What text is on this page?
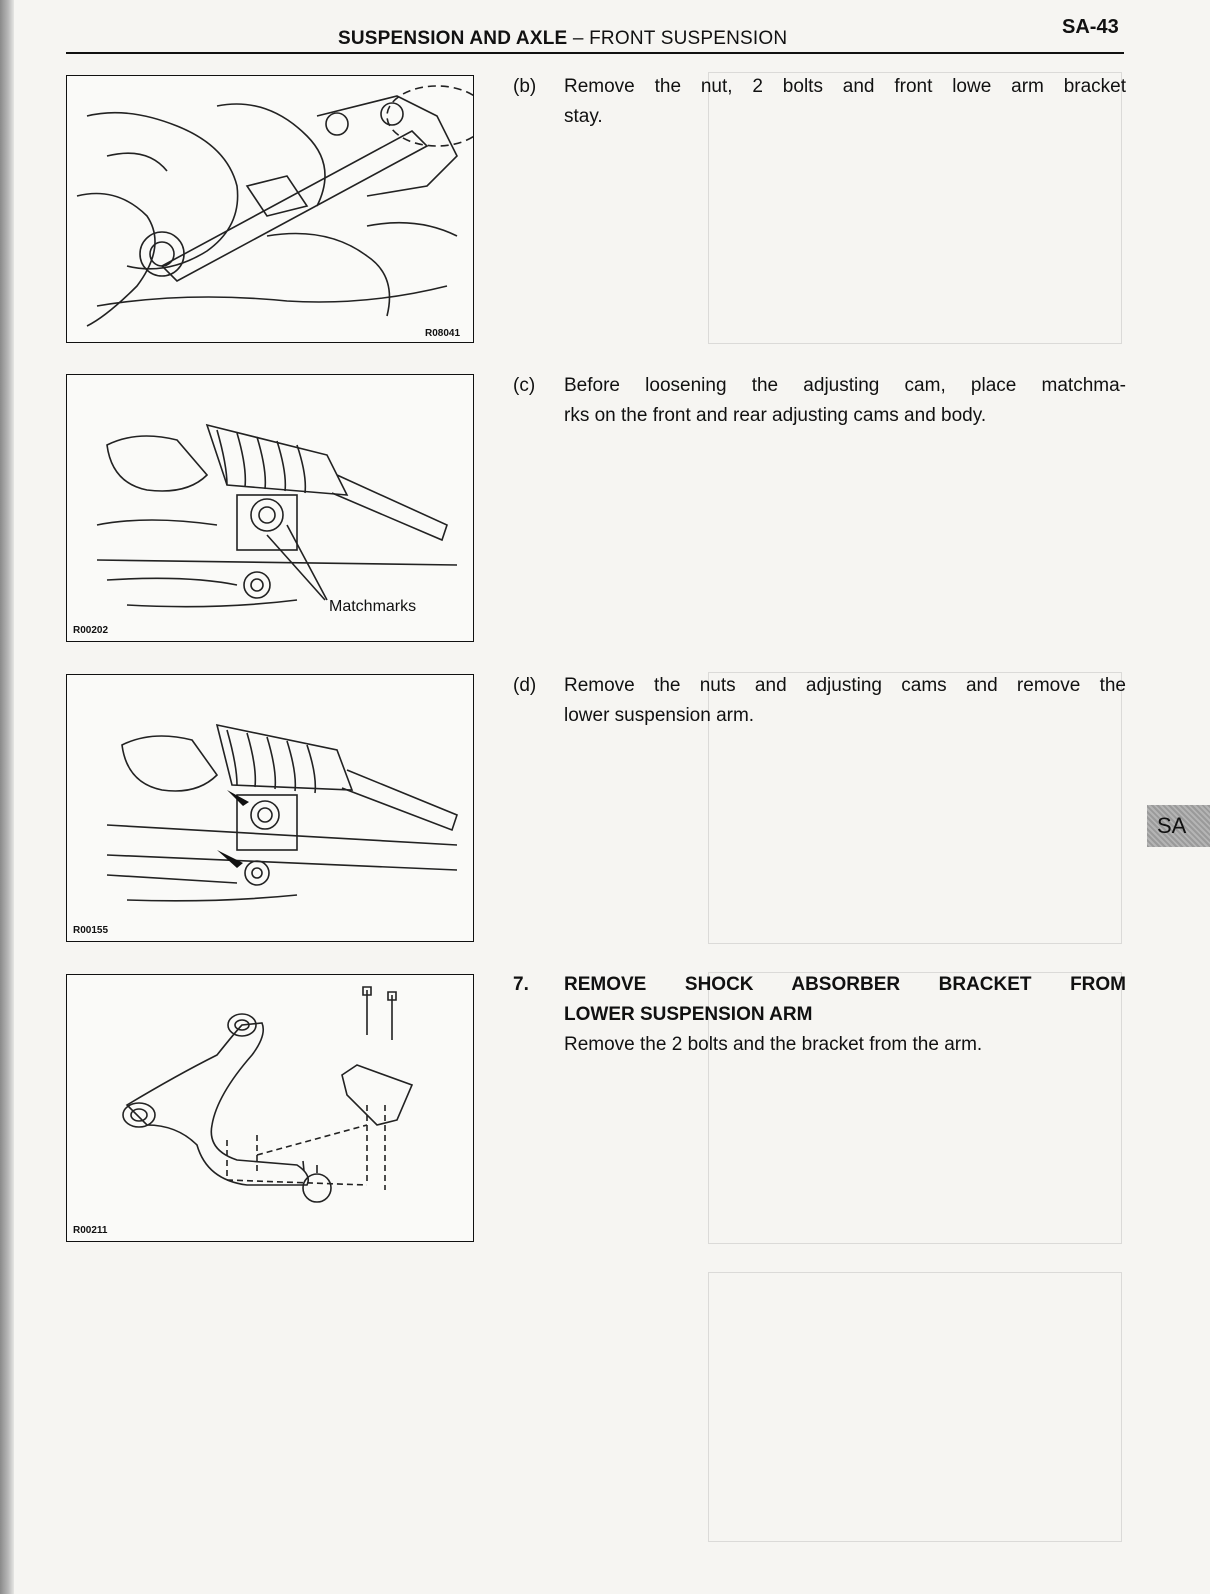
SUSPENSION AND AXLE – FRONT SUSPENSION
SA-43
R08041
Matchmarks
R00202
R00155
R00211
(b) Remove the nut, 2 bolts and front lowe arm bracket
stay.
(c) Before loosening the adjusting cam, place matchma-
rks on the front and rear adjusting cams and body.
(d) Remove the nuts and adjusting cams and remove the
lower suspension arm.
7. REMOVE SHOCK ABSORBER BRACKET FROM
LOWER SUSPENSION ARM
Remove the 2 bolts and the bracket from the arm.
SA
